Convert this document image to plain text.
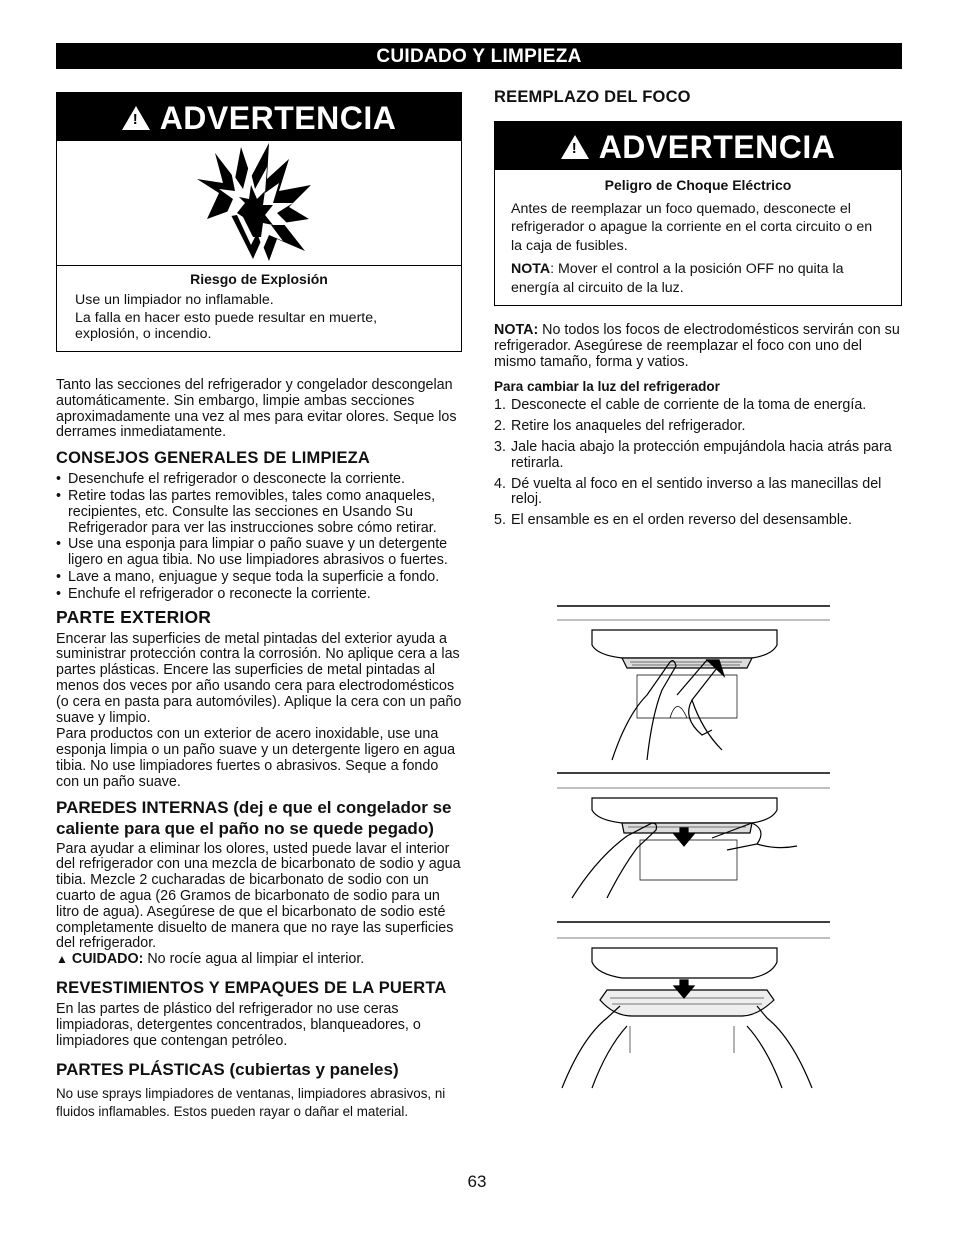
CUIDADO Y LIMPIEZA
!ADVERTENCIA
Riesgo de Explosión

Use un limpiador no inflamable.

La falla en hacer esto puede resultar en muerte, explosión, o incendio.

Tanto las secciones del refrigerador y congelador descongelan automáticamente. Sin embargo, limpie ambas secciones aproximadamente una vez al mes para evitar olores. Seque los derrames inmediatamente.

CONSEJOS GENERALES DE LIMPIEZA
• Desenchufe el refrigerador o desconecte la corriente.
• Retire todas las partes removibles, tales como anaqueles, recipientes, etc. Consulte las secciones en Usando Su Refrigerador para ver las instrucciones sobre cómo retirar.
• Use una esponja para limpiar o paño suave y un detergente ligero en agua tibia. No use limpiadores abrasivos o fuertes.
• Lave a mano, enjuague y seque toda la superficie a fondo.
• Enchufe el refrigerador o reconecte la corriente.
PARTE EXTERIOR

Encerar las superficies de metal pintadas del exterior ayuda a suministrar protección contra la corrosión. No aplique cera a las partes plásticas. Encere las superficies de metal pintadas al menos dos veces por año usando cera para electrodomésticos (o cera en pasta para automóviles). Aplique la cera con un paño suave y limpio.

Para productos con un exterior de acero inoxidable, use una esponja limpia o un paño suave y un detergente ligero en agua tibia. No use limpiadores fuertes o abrasivos. Seque a fondo con un paño suave.

PAREDES INTERNAS (dej e que el congelador se caliente para que el paño no se quede pegado)

Para ayudar a eliminar los olores, usted puede lavar el interior del refrigerador con una mezcla de bicarbonato de sodio y agua tibia. Mezcle 2 cucharadas de bicarbonato de sodio con un cuarto de agua (26 Gramos de bicarbonato de sodio para un litro de agua). Asegúrese de que el bicarbonato de sodio esté completamente disuelto de manera que no raye las superficies del refrigerador.

▲ CUIDADO: No rocíe agua al limpiar el interior.

REVESTIMIENTOS Y EMPAQUES DE LA PUERTA

En las partes de plástico del refrigerador no use ceras limpiadoras, detergentes concentrados, blanqueadores, o limpiadores que contengan petróleo.

PARTES PLÁSTICAS (cubiertas y paneles)

No use sprays limpiadores de ventanas, limpiadores abrasivos, ni fluidos inflamables. Estos pueden rayar o dañar el material.

REEMPLAZO DEL FOCO
!ADVERTENCIA
Peligro de Choque Eléctrico

Antes de reemplazar un foco quemado, desconecte el refrigerador o apague la corriente en el corta circuito o en la caja de fusibles.

NOTA: Mover el control a la posición OFF no quita la energía al circuito de la luz.

NOTA: No todos los focos de electrodomésticos servirán con su refrigerador. Asegúrese de reemplazar el foco con uno del mismo tamaño, forma y vatios.

Para cambiar la luz del refrigerador
1. Desconecte el cable de corriente de la toma de energía.
2. Retire los anaqueles del refrigerador.
3. Jale hacia abajo la protección empujándola hacia atrás para retirarla.
4. Dé vuelta al foco en el sentido inverso a las manecillas del reloj.
5. El ensamble es en el orden reverso del desensamble.
63
